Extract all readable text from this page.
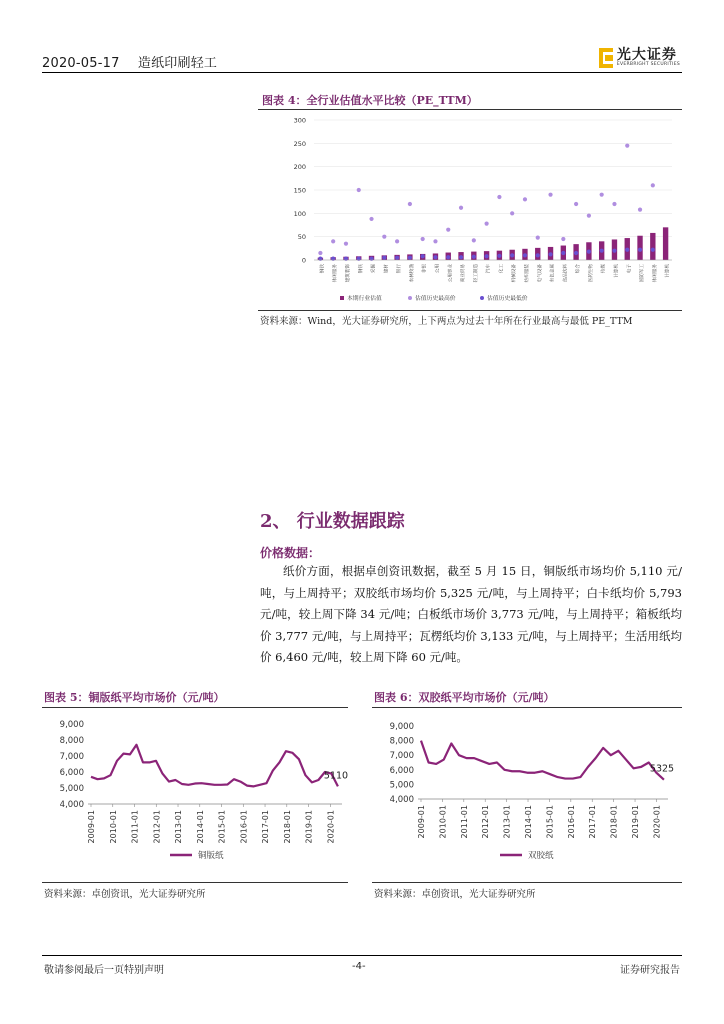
2020-05-17 造纸印刷轻工
光大证券
EVERBRIGHT SECURITIES
图表 4：全行业估值水平比较（PE_TTM）
0
50
100
150
200
250
300
钢铁	休闲服务	建筑装饰	钢铁	采掘	建材	银行	农林牧渔	非银	公用	公用事业	商业贸易	轻工制造	汽车	化工	机械设备	纺织服装	电气设备	有色金属	食品饮料	综合	医药生物	传媒	计算机	电子	国防军工	休闲服务	计算机
本期行业估值	估值历史最高价	估值历史最低价
资料来源：Wind，光大证券研究所，上下两点为过去十年所在行业最高与最低 PE_TTM
2、 行业数据跟踪
价格数据：
纸价方面，根据卓创资讯数据，截至 5 月 15 日，铜版纸市场均价 5,110 元/吨，与上周持平；双胶纸市场均价 5,325 元/吨，与上周持平；白卡纸均价 5,793 元/吨，较上周下降 34 元/吨；白板纸市场价 3,773 元/吨，与上周持平；箱板纸均价 3,777 元/吨，与上周持平；瓦楞纸均价 3,133 元/吨，与上周持平；生活用纸均价 6,460 元/吨，较上周下降 60 元/吨。
图表 5：铜版纸平均市场价（元/吨）
4,000
5,000
6,000
7,000
8,000
9,000
2009-01 2010-01 2011-01 2012-01 2013-01 2014-01 2015-01 2016-01 2017-01 2018-01 2019-01 2020-01
5110
铜版纸
资料来源：卓创资讯，光大证券研究所
图表 6：双胶纸平均市场价（元/吨）
4,000
5,000
6,000
7,000
8,000
9,000
2009-01 2010-01 2011-01 2012-01 2013-01 2014-01 2015-01 2016-01 2017-01 2018-01 2019-01 2020-01
5325
双胶纸
资料来源：卓创资讯，光大证券研究所
敬请参阅最后一页特别声明	-4-	证券研究报告
